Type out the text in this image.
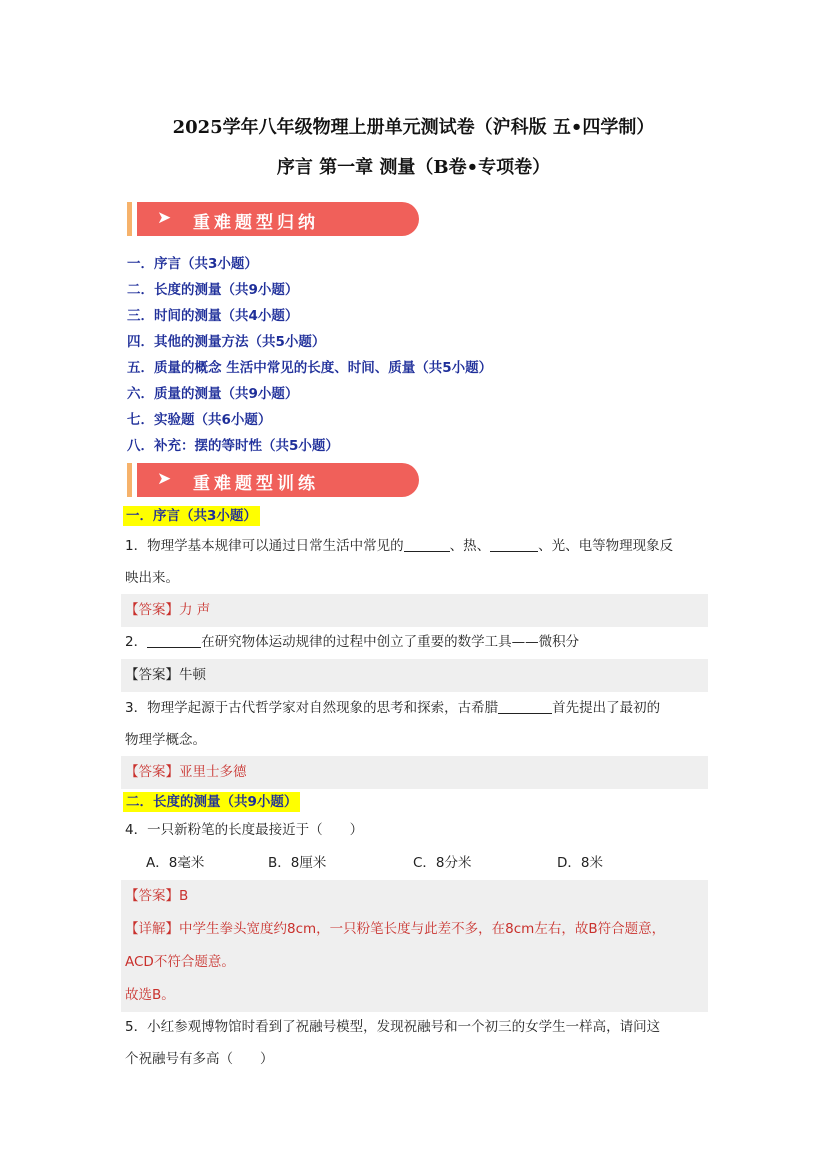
2025学年八年级物理上册单元测试卷（沪科版 五•四学制）
序言 第一章 测量（B卷•专项卷）
➤ 重难题型归纳
一．序言（共3小题）
二．长度的测量（共9小题）
三．时间的测量（共4小题）
四．其他的测量方法（共5小题）
五．质量的概念 生活中常见的长度、时间、质量（共5小题）
六．质量的测量（共9小题）
七．实验题（共6小题）
八．补充：摆的等时性（共5小题）
➤ 重难题型训练
一．序言（共3小题）
1．物理学基本规律可以通过日常生活中常见的	、热、	、光、电等物理现象反
映出来。
【答案】力 声
2．	在研究物体运动规律的过程中创立了重要的数学工具——微积分
【答案】牛顿
3．物理学起源于古代哲学家对自然现象的思考和探索，古希腊	首先提出了最初的
物理学概念。
【答案】亚里士多德
二．长度的测量（共9小题）
4．一只新粉笔的长度最接近于（　　）
A．8毫米	B．8厘米	C．8分米	D．8米
【答案】B
【详解】中学生拳头宽度约8cm，一只粉笔长度与此差不多，在8cm左右，故B符合题意，
ACD不符合题意。
故选B。
5．小红参观博物馆时看到了祝融号模型，发现祝融号和一个初三的女学生一样高，请问这
个祝融号有多高（　　）
